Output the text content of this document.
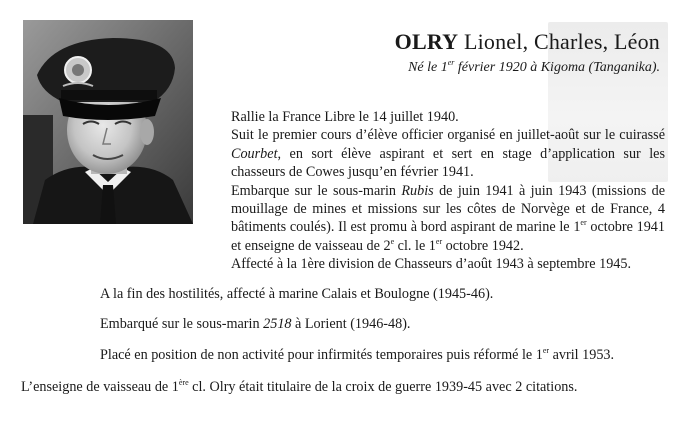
OLRY Lionel, Charles, Léon
Né le 1er février 1920 à Kigoma (Tanganika).

Rallie la France Libre le 14 juillet 1940.

Suit le premier cours d’élève officier organisé en juillet-août sur le cuirassé Courbet, en sort élève aspirant et sert en stage d’application sur les chasseurs de Cowes jusqu’en février 1941.

Embarque sur le sous-marin Rubis de juin 1941 à juin 1943 (missions de mouillage de mines et missions sur les côtes de Norvège et de France, 4 bâtiments coulés). Il est promu à bord aspirant de marine le 1er octobre 1941 et enseigne de vaisseau de 2e cl. le 1er octobre 1942.

Affecté à la 1ère division de Chasseurs d’août 1943 à septembre 1945.

A la fin des hostilités, affecté à marine Calais et Boulogne (1945-46).

Embarqué sur le sous-marin 2518 à Lorient (1946-48).

Placé en position de non activité pour infirmités temporaires puis réformé le 1er avril 1953.

L’enseigne de vaisseau de 1ère cl. Olry était titulaire de la croix de guerre 1939-45 avec 2 citations.
